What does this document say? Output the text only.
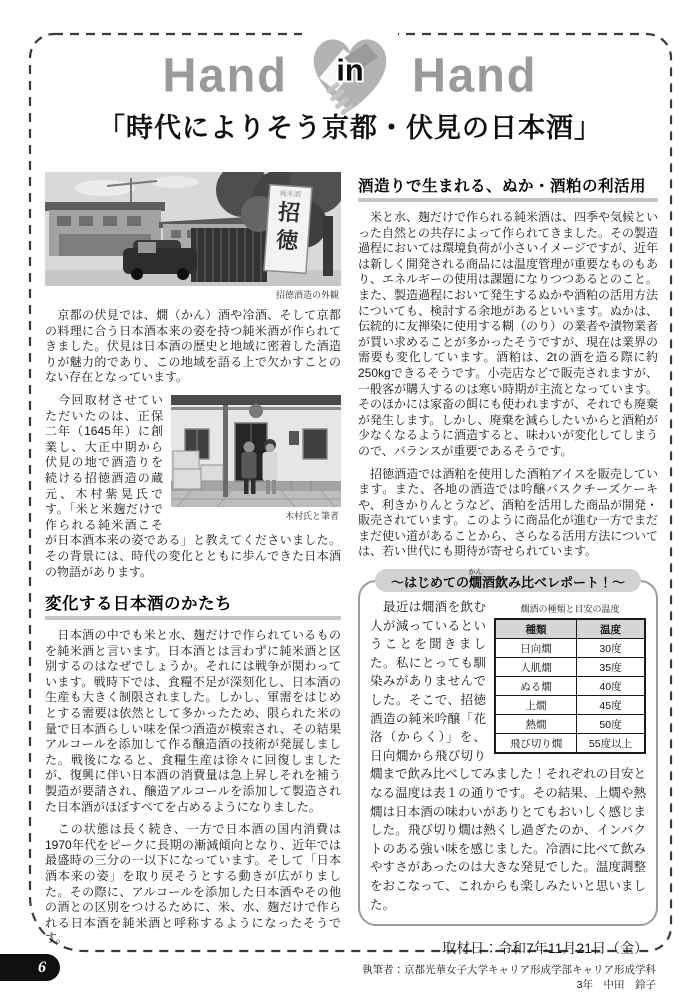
Hand in Hand
「時代によりそう京都・伏見の日本酒」
純米酒
招
徳
招徳酒造の外観

　京都の伏見では、燗（かん）酒や冷酒、そして京都の料理に合う日本酒本来の姿を持つ純米酒が作られてきました。伏見は日本酒の歴史と地域に密着した酒造りが魅力的であり、この地域を語る上で欠かすことのない存在となっています。

木村氏と筆者

　今回取材させていただいたのは、正保二年（1645年）に創業し、大正中期から伏見の地で酒造りを続ける招徳酒造の蔵元、木村紫晃氏です。「米と米麹だけで作られる純米酒こそが日本酒本来の姿である」と教えてくださいました。その背景には、時代の変化とともに歩んできた日本酒の物語があります。

変化する日本酒のかたち

　日本酒の中でも米と水、麹だけで作られているものを純米酒と言います。日本酒とは言わずに純米酒と区別するのはなぜでしょうか。それには戦争が関わっています。戦時下では、食糧不足が深刻化し、日本酒の生産も大きく制限されました。しかし、軍需をはじめとする需要は依然として多かったため、限られた米の量で日本酒らしい味を保つ酒造が模索され、その結果アルコールを添加して作る醸造酒の技術が発展しました。戦後になると、食糧生産は徐々に回復しましたが、復興に伴い日本酒の消費量は急上昇しそれを補う製造が要請され、醸造アルコールを添加して製造された日本酒がほぼすべてを占めるようになりました。

　この状態は長く続き、一方で日本酒の国内消費は1970年代をピークに長期の漸減傾向となり、近年では最盛時の三分の一以下になっています。そして「日本酒本来の姿」を取り戻そうとする動きが広がりました。その際に、アルコールを添加した日本酒やその他の酒との区別をつけるために、米、水、麹だけで作られる日本酒を純米酒と呼称するようになったそうです。

酒造りで生まれる、ぬか・酒粕の利活用

　米と水、麹だけで作られる純米酒は、四季や気候といった自然との共存によって作られてきました。その製造過程においては環境負荷が小さいイメージですが、近年は新しく開発される商品には温度管理が重要なものもあり、エネルギーの使用は課題になりつつあるとのこと。また、製造過程において発生するぬかや酒粕の活用方法についても、検討する余地があるといいます。ぬかは、伝統的に友禅染に使用する糊（のり）の業者や漬物業者が買い求めることが多かったそうですが、現在は業界の需要も変化しています。酒粕は、2tの酒を造る際に約250kgできるそうです。小売店などで販売されますが、一般客が購入するのは寒い時期が主流となっています。そのほかには家畜の餌にも使われますが、それでも廃棄が発生します。しかし、廃棄を減らしたいからと酒粕が少なくなるように酒造すると、味わいが変化してしまうので、バランスが重要であるそうです。

　招徳酒造では酒粕を使用した酒粕アイスを販売しています。また、各地の酒造では吟醸バスクチーズケーキや、利きかりんとうなど、酒粕を活用した商品が開発・販売されています。このように商品化が進む一方でまだまだ使い道があることから、さらなる活用方法については、若い世代にも期待が寄せられています。

～はじめての燗かん酒飲み比べレポート！～
燗酒の種類と目安の温度
種類	温度
日向燗	30度
人肌燗	35度
ぬる燗	40度
上燗	45度
熱燗	50度
飛び切り燗	55度以上

　最近は燗酒を飲む人が減っているということを聞きました。私にとっても馴染みがありませんでした。そこで、招徳酒造の純米吟醸「花洛（からく）」を、日向燗から飛び切り燗まで飲み比べしてみました！それぞれの目安となる温度は表１の通りです。その結果、上燗や熱燗は日本酒の味わいがありとてもおいしく感じました。飛び切り燗は熱くし過ぎたのか、インパクトのある強い味を感じました。冷酒に比べて飲みやすさがあったのは大きな発見でした。温度調整をおこなって、これからも楽しみたいと思いました。

取材日：令和7年11月21日（金）
執筆者：京都光華女子大学キャリア形成学部キャリア形成学科3年　中田　鈴子
6
